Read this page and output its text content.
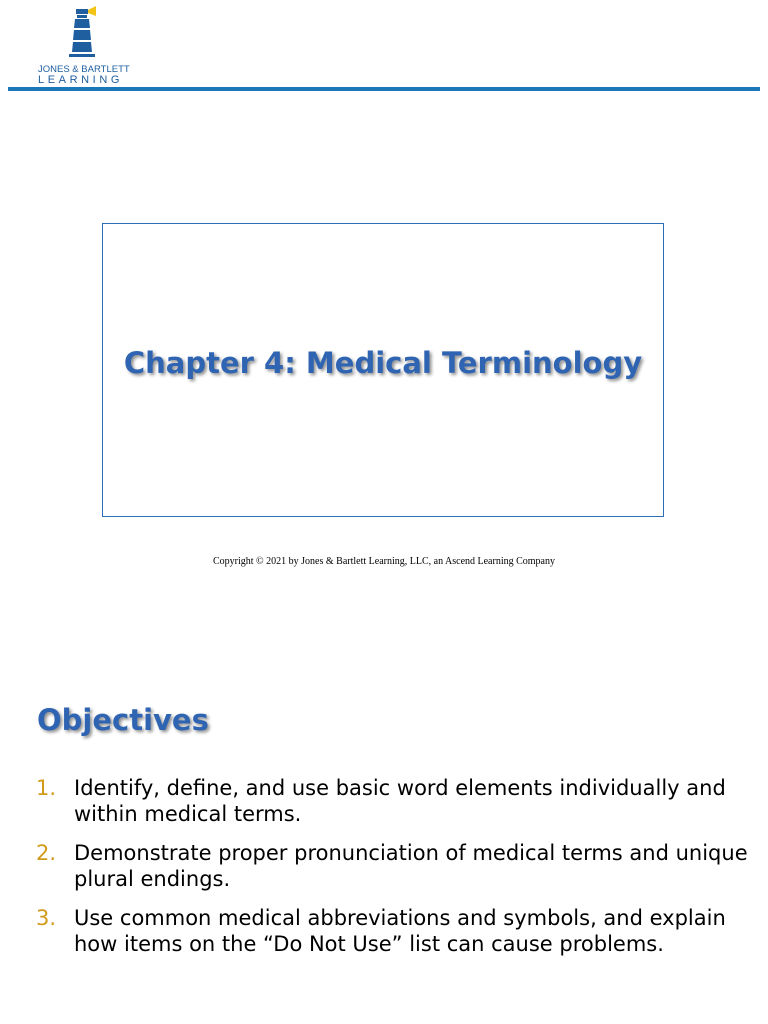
JONES & BARTLETT
LEARNING
Chapter 4: Medical Terminology
Copyright © 2021 by Jones & Bartlett Learning, LLC, an Ascend Learning Company
Objectives
1. Identify, define, and use basic word elements individually and within medical terms.
2. Demonstrate proper pronunciation of medical terms and unique plural endings.
3. Use common medical abbreviations and symbols, and explain how items on the “Do Not Use” list can cause problems.
